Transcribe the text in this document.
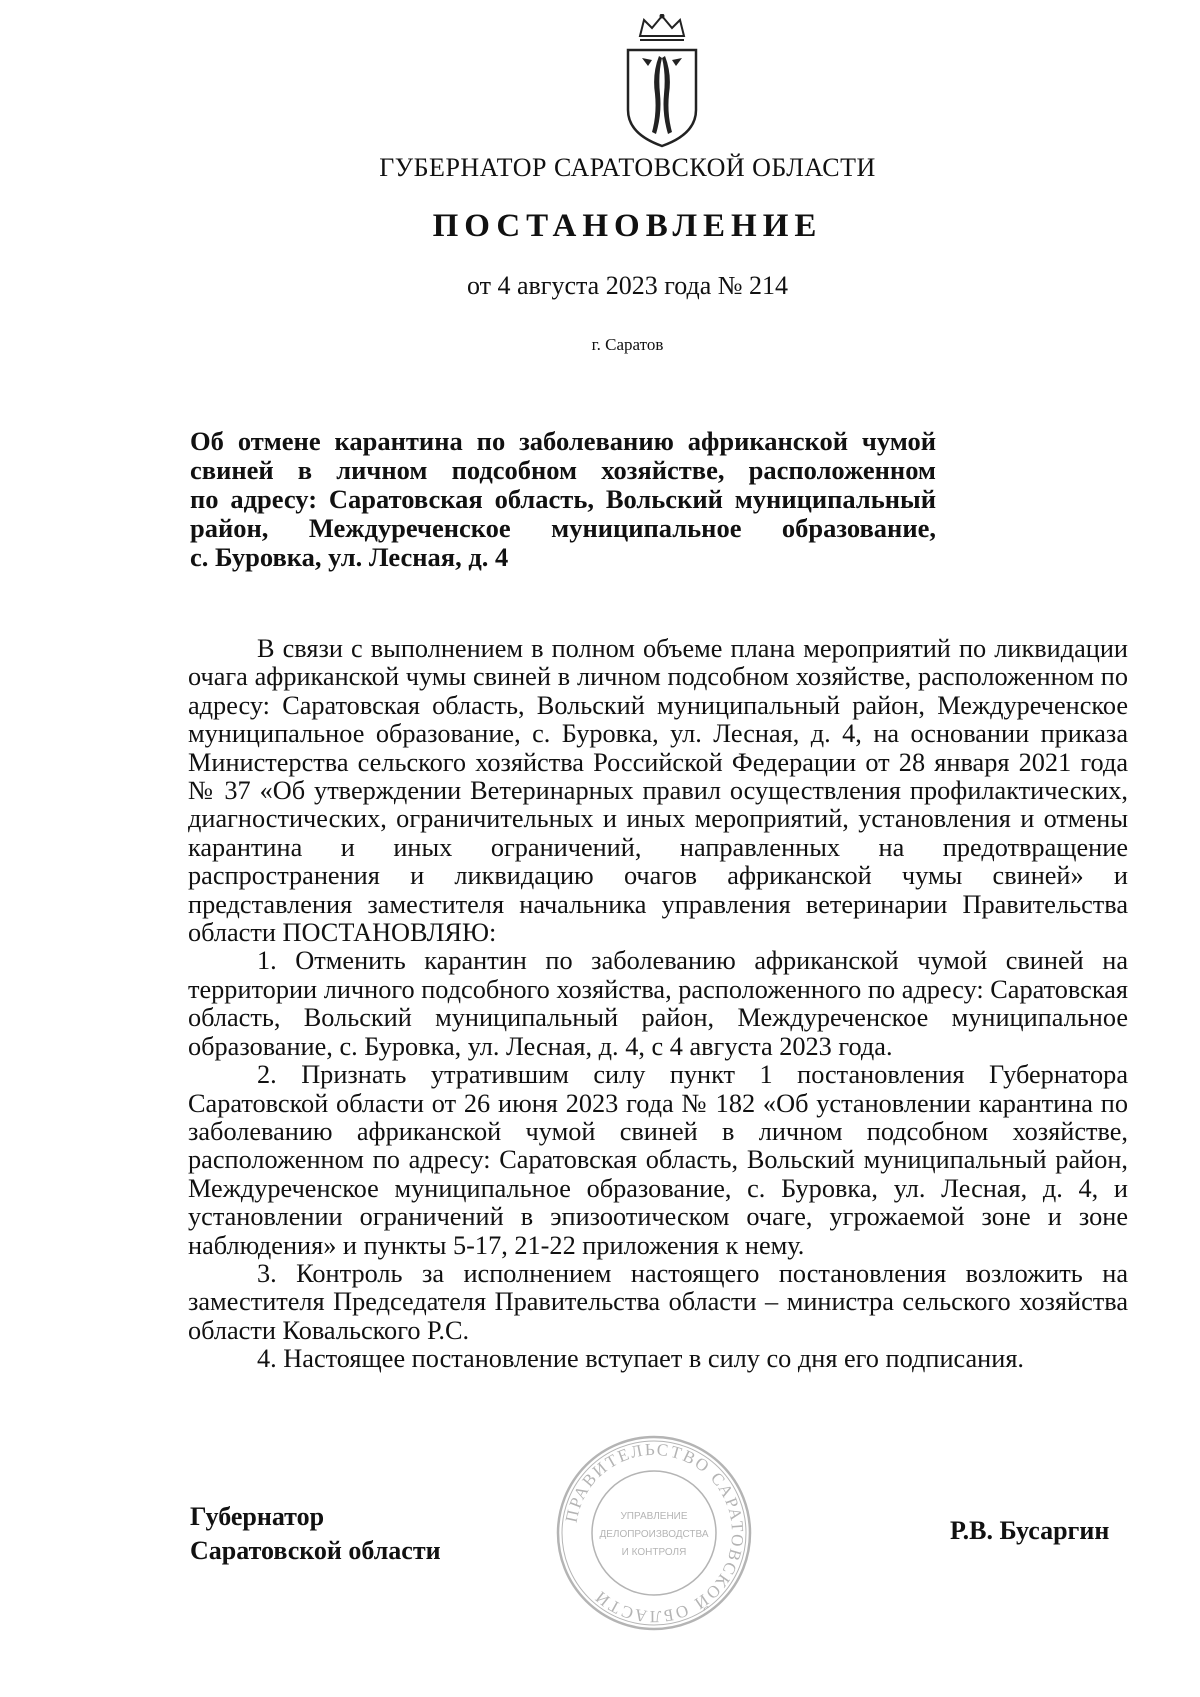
ГУБЕРНАТОР САРАТОВСКОЙ ОБЛАСТИ
ПОСТАНОВЛЕНИЕ
от 4 августа 2023 года № 214
г. Саратов
Об отмене карантина по заболеванию африканской чумой
свиней в личном подсобном хозяйстве, расположенном
по адресу: Саратовская область, Вольский муниципальный
район, Междуреченское муниципальное образование,
с. Буровка, ул. Лесная, д. 4

В связи с выполнением в полном объеме плана мероприятий по ликвидации очага африканской чумы свиней в личном подсобном хозяйстве, расположенном по адресу: Саратовская область, Вольский муниципальный район, Междуреченское муниципальное образование, с. Буровка, ул. Лесная, д. 4, на основании приказа Министерства сельского хозяйства Российской Федерации от 28 января 2021 года № 37 «Об утверждении Ветеринарных правил осуществления профилактических, диагностических, ограничительных и иных мероприятий, установления и отмены карантина и иных ограничений, направленных на предотвращение распространения и ликвидацию очагов африканской чумы свиней» и представления заместителя начальника управления ветеринарии Правительства области ПОСТАНОВЛЯЮ:

1. Отменить карантин по заболеванию африканской чумой свиней на территории личного подсобного хозяйства, расположенного по адресу: Саратовская область, Вольский муниципальный район, Междуреченское муниципальное образование, с. Буровка, ул. Лесная, д. 4, с 4 августа 2023 года.

2. Признать утратившим силу пункт 1 постановления Губернатора Саратовской области от 26 июня 2023 года № 182 «Об установлении карантина по заболеванию африканской чумой свиней в личном подсобном хозяйстве, расположенном по адресу: Саратовская область, Вольский муниципальный район, Междуреченское муниципальное образование, с. Буровка, ул. Лесная, д. 4, и установлении ограничений в эпизоотическом очаге, угрожаемой зоне и зоне наблюдения» и пункты 5-17, 21-22 приложения к нему.

3. Контроль за исполнением настоящего постановления возложить на заместителя Председателя Правительства области – министра сельского хозяйства области Ковальского Р.С.

4. Настоящее постановление вступает в силу со дня его подписания.

Губернатор
Саратовской области
ПРАВИТЕЛЬСТВО САРАТОВСКОЙ ОБЛАСТИ
УПРАВЛЕНИЕ
ДЕЛОПРОИЗВОДСТВА
И КОНТРОЛЯ
Р.В. Бусаргин
